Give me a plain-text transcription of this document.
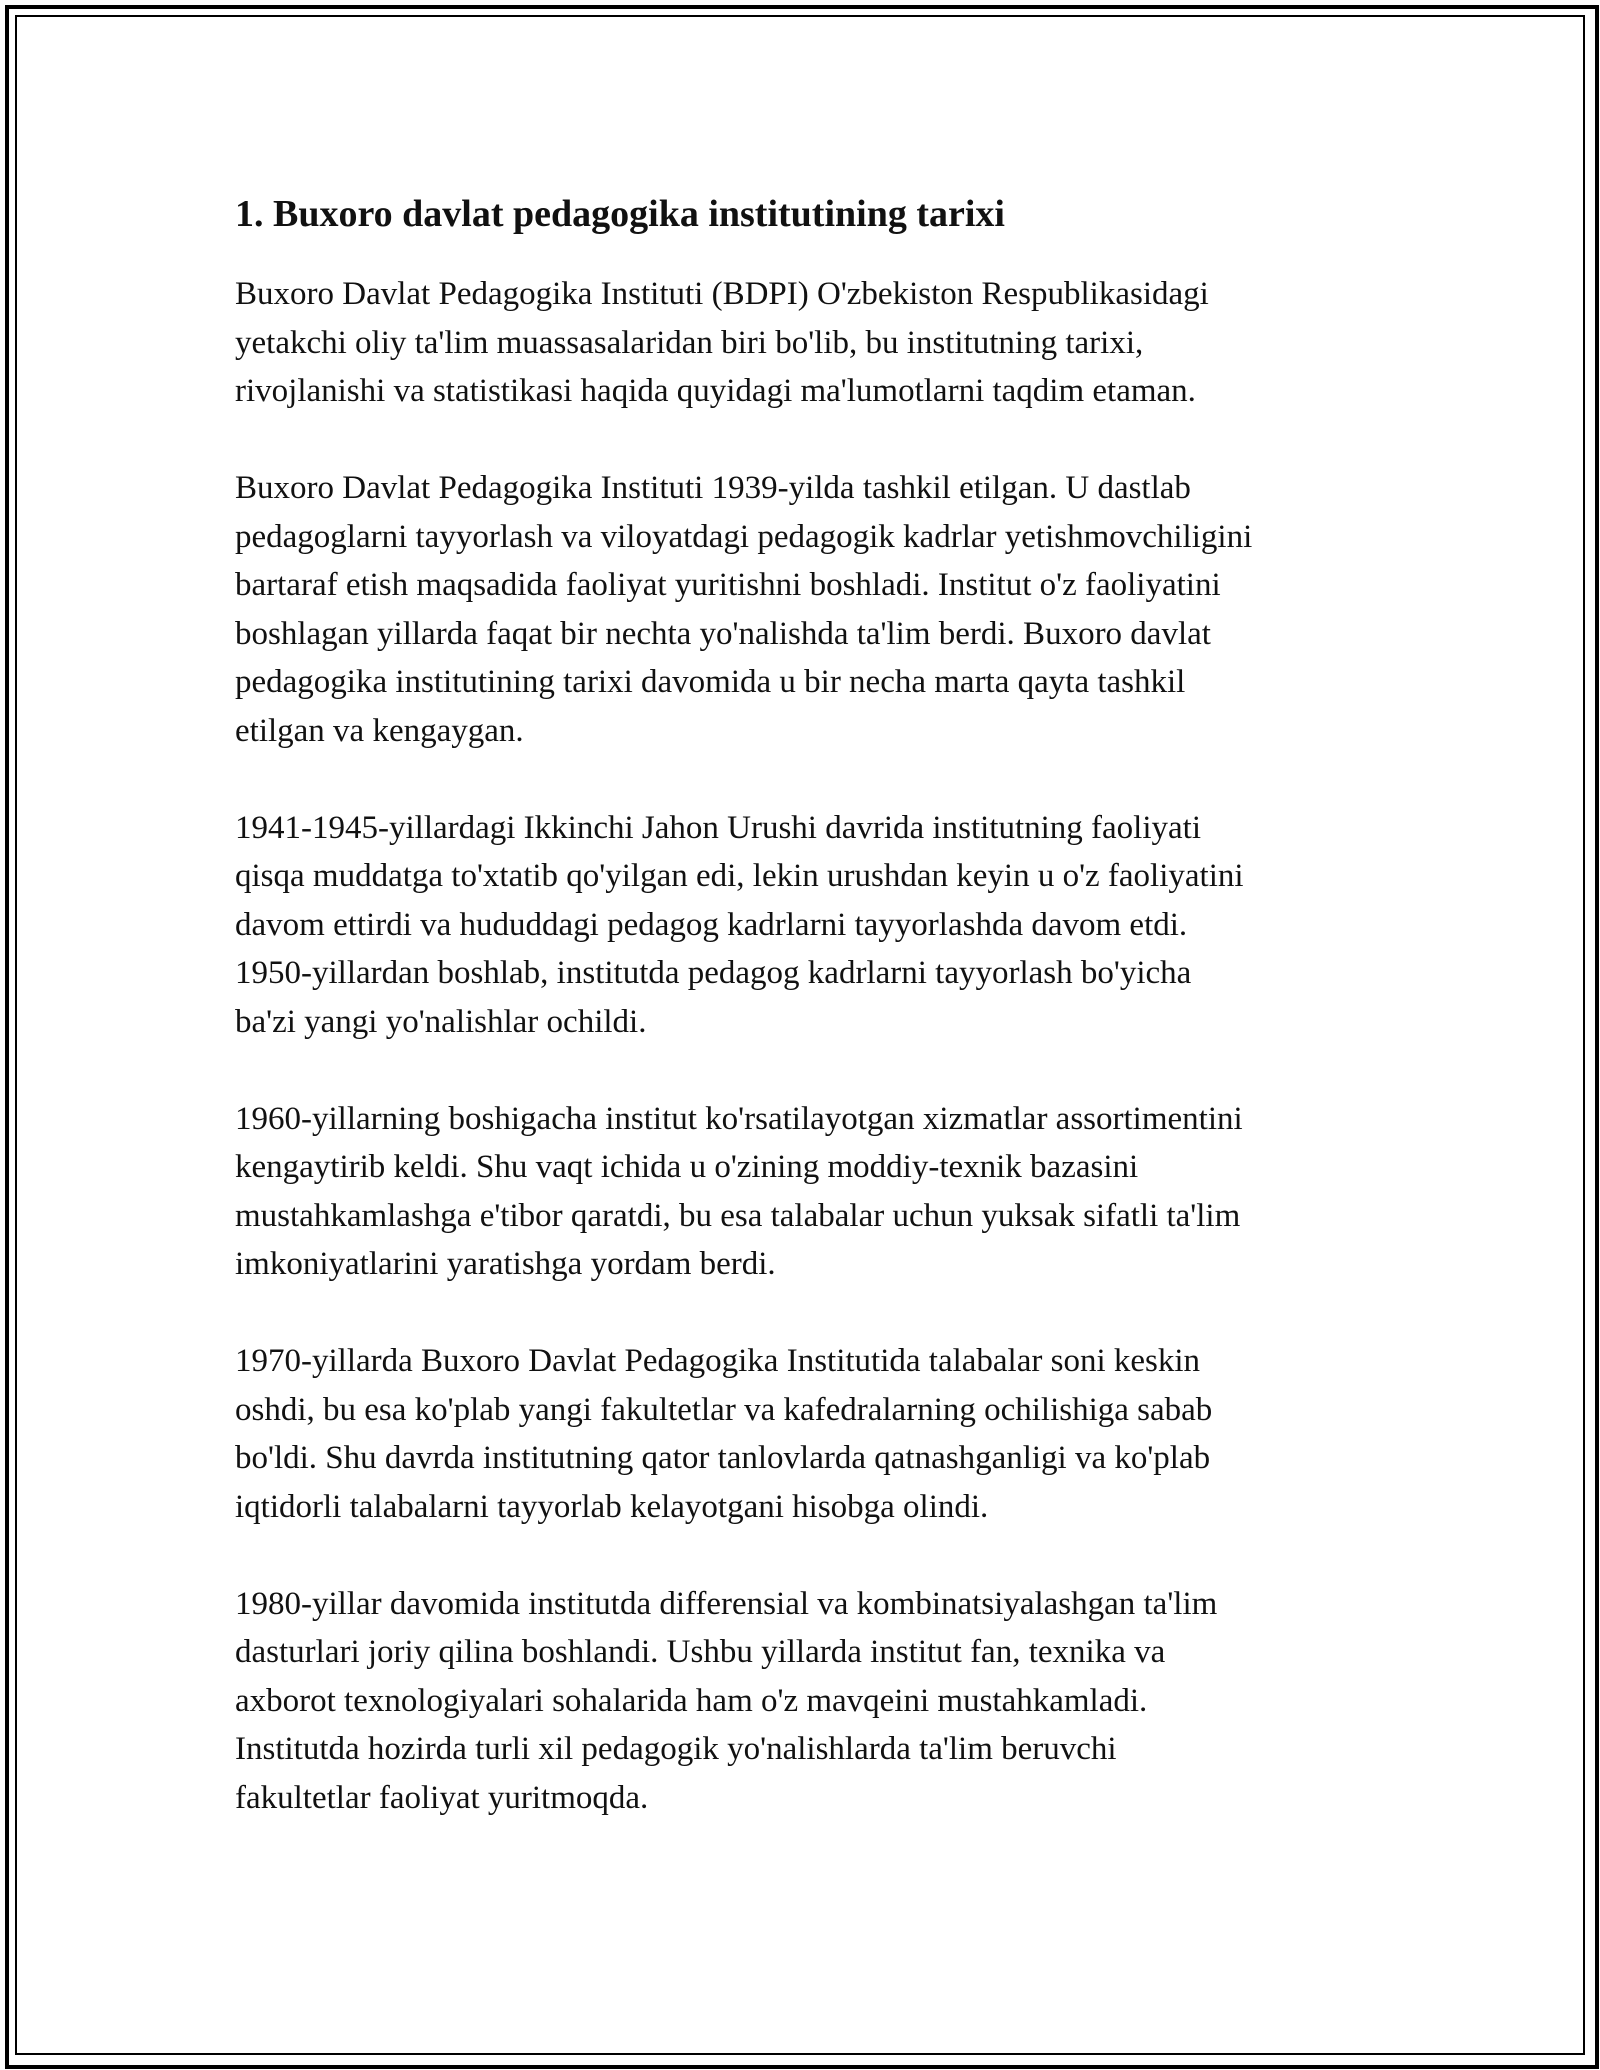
1. Buxoro davlat pedagogika institutining tarixi

Buxoro Davlat Pedagogika Instituti (BDPI) O'zbekiston Respublikasidagi
yetakchi oliy ta'lim muassasalaridan biri bo'lib, bu institutning tarixi,
rivojlanishi va statistikasi haqida quyidagi ma'lumotlarni taqdim etaman.

Buxoro Davlat Pedagogika Instituti 1939-yilda tashkil etilgan. U dastlab
pedagoglarni tayyorlash va viloyatdagi pedagogik kadrlar yetishmovchiligini
bartaraf etish maqsadida faoliyat yuritishni boshladi. Institut o'z faoliyatini
boshlagan yillarda faqat bir nechta yo'nalishda ta'lim berdi. Buxoro davlat
pedagogika institutining tarixi davomida u bir necha marta qayta tashkil
etilgan va kengaygan.

1941-1945-yillardagi Ikkinchi Jahon Urushi davrida institutning faoliyati
qisqa muddatga to'xtatib qo'yilgan edi, lekin urushdan keyin u o'z faoliyatini
davom ettirdi va hududdagi pedagog kadrlarni tayyorlashda davom etdi.
1950-yillardan boshlab, institutda pedagog kadrlarni tayyorlash bo'yicha
ba'zi yangi yo'nalishlar ochildi.

1960-yillarning boshigacha institut ko'rsatilayotgan xizmatlar assortimentini
kengaytirib keldi. Shu vaqt ichida u o'zining moddiy-texnik bazasini
mustahkamlashga e'tibor qaratdi, bu esa talabalar uchun yuksak sifatli ta'lim
imkoniyatlarini yaratishga yordam berdi.

1970-yillarda Buxoro Davlat Pedagogika Institutida talabalar soni keskin
oshdi, bu esa ko'plab yangi fakultetlar va kafedralarning ochilishiga sabab
bo'ldi. Shu davrda institutning qator tanlovlarda qatnashganligi va ko'plab
iqtidorli talabalarni tayyorlab kelayotgani hisobga olindi.

1980-yillar davomida institutda differensial va kombinatsiyalashgan ta'lim
dasturlari joriy qilina boshlandi. Ushbu yillarda institut fan, texnika va
axborot texnologiyalari sohalarida ham o'z mavqeini mustahkamladi.
Institutda hozirda turli xil pedagogik yo'nalishlarda ta'lim beruvchi
fakultetlar faoliyat yuritmoqda.
